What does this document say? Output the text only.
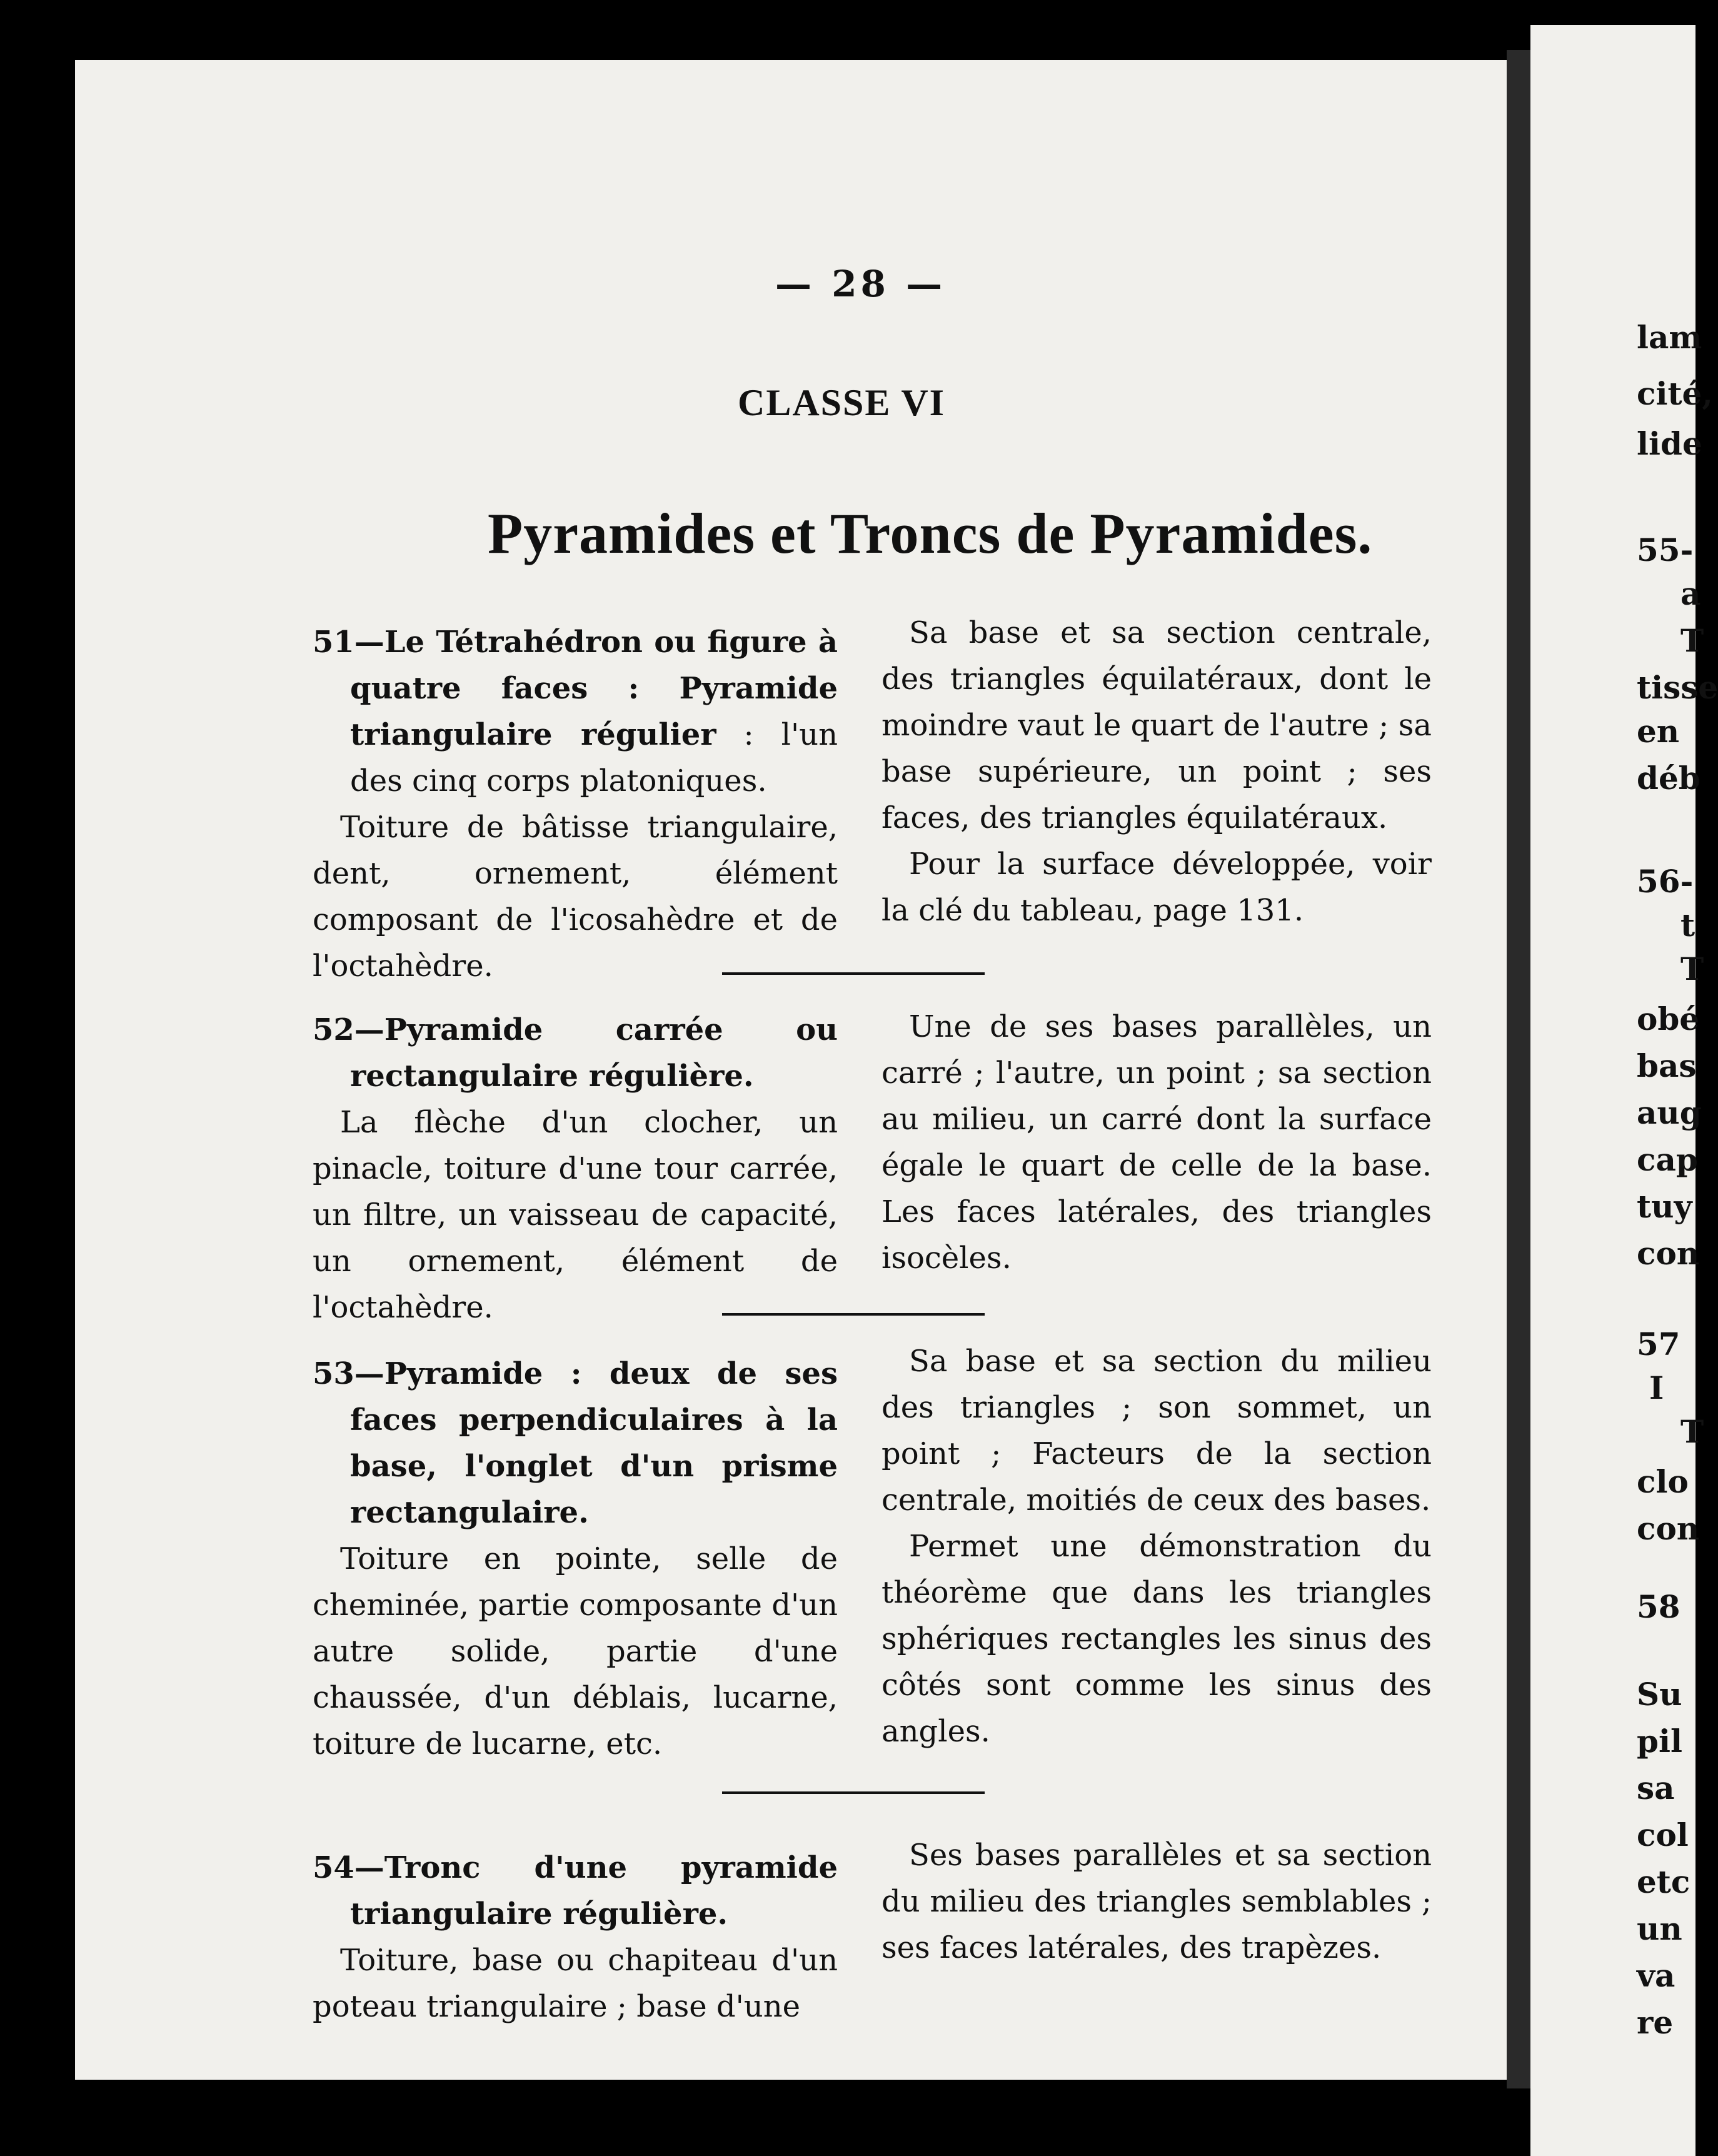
lam
cité,
lide
55-
a
T
tisse
en
déb
56-
t
T
obé
bas
aug
cap
tuy
con
57
I
T
clo
con
58
Su
pil
sa
col
etc
un
va
re
— 28 —
CLASSE VI
Pyramides et Troncs de Pyramides.

51—Le Tétrahédron ou figure à quatre faces : Pyramide triangulaire régulier : l'un des cinq corps platoniques.

Toiture de bâtisse triangulaire, dent, ornement, élément composant de l'icosahèdre et de l'octahèdre.

Sa base et sa section centrale, des triangles équilatéraux, dont le moindre vaut le quart de l'autre ; sa base supérieure, un point ; ses faces, des triangles équilatéraux.

Pour la surface développée, voir la clé du tableau, page 131.

52—Pyramide carrée ou rectangulaire régulière.

La flèche d'un clocher, un pinacle, toiture d'une tour carrée, un filtre, un vaisseau de capacité, un ornement, élément de l'octahèdre.

Une de ses bases parallèles, un carré ; l'autre, un point ; sa section au milieu, un carré dont la surface égale le quart de celle de la base. Les faces latérales, des triangles isocèles.

53—Pyramide : deux de ses faces perpendiculaires à la base, l'onglet d'un prisme rectangulaire.

Toiture en pointe, selle de cheminée, partie composante d'un autre solide, partie d'une chaussée, d'un déblais, lucarne, toiture de lucarne, etc.

Sa base et sa section du milieu des triangles ; son sommet, un point ; Facteurs de la section centrale, moitiés de ceux des bases.

Permet une démonstration du théorème que dans les triangles sphériques rectangles les sinus des côtés sont comme les sinus des angles.

54—Tronc d'une pyramide triangulaire régulière.

Toiture, base ou chapiteau d'un poteau triangulaire ; base d'une

Ses bases parallèles et sa section du milieu des triangles semblables ; ses faces latérales, des trapèzes.
